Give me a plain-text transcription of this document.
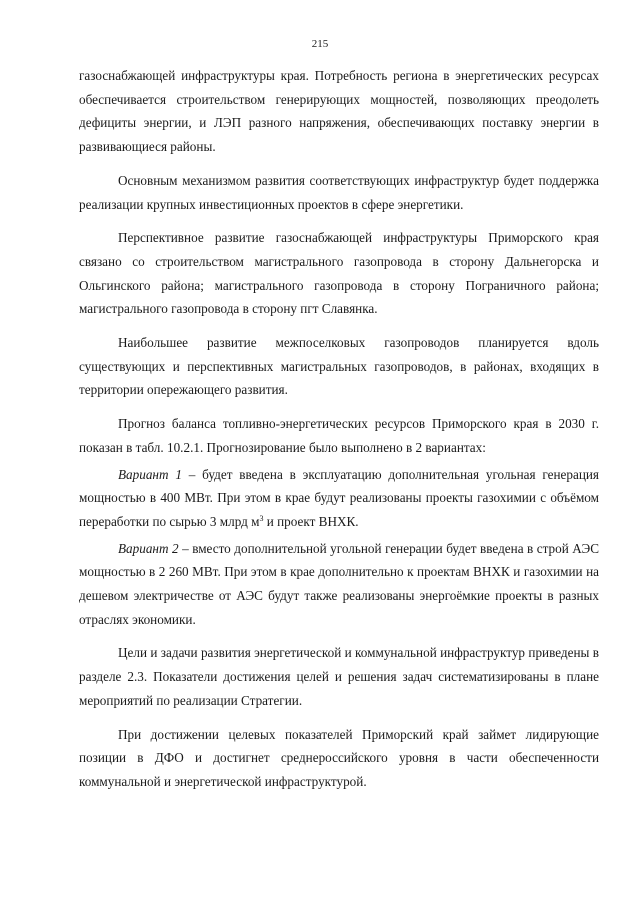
215

газоснабжающей инфраструктуры края. Потребность региона в энергетических ресурсах обеспечивается строительством генерирующих мощностей, позволяющих преодолеть дефициты энергии, и ЛЭП разного напряжения, обеспечивающих поставку энергии в развивающиеся районы.

Основным механизмом развития соответствующих инфраструктур будет поддержка реализации крупных инвестиционных проектов в сфере энергетики.

Перспективное развитие газоснабжающей инфраструктуры Приморского края связано со строительством магистрального газопровода в сторону Дальнегорска и Ольгинского района; магистрального газопровода в сторону Пограничного района; магистрального газопровода в сторону пгт Славянка.

Наибольшее развитие межпоселковых газопроводов планируется вдоль существующих и перспективных магистральных газопроводов, в районах, входящих в территории опережающего развития.

Прогноз баланса топливно-энергетических ресурсов Приморского края в 2030 г. показан в табл. 10.2.1. Прогнозирование было выполнено в 2 вариантах:

Вариант 1 – будет введена в эксплуатацию дополнительная угольная генерация мощностью в 400 МВт. При этом в крае будут реализованы проекты газохимии с объёмом переработки по сырью 3 млрд $м^3$ и проект ВНХК.

Вариант 2 – вместо дополнительной угольной генерации будет введена в строй АЭС мощностью в 2 260 МВт. При этом в крае дополнительно к проектам ВНХК и газохимии на дешевом электричестве от АЭС будут также реализованы энергоёмкие проекты в разных отраслях экономики.

Цели и задачи развития энергетической и коммунальной инфраструктур приведены в разделе 2.3. Показатели достижения целей и решения задач систематизированы в плане мероприятий по реализации Стратегии.

При достижении целевых показателей Приморский край займет лидирующие позиции в ДФО и достигнет среднероссийского уровня в части обеспеченности коммунальной и энергетической инфраструктурой.
